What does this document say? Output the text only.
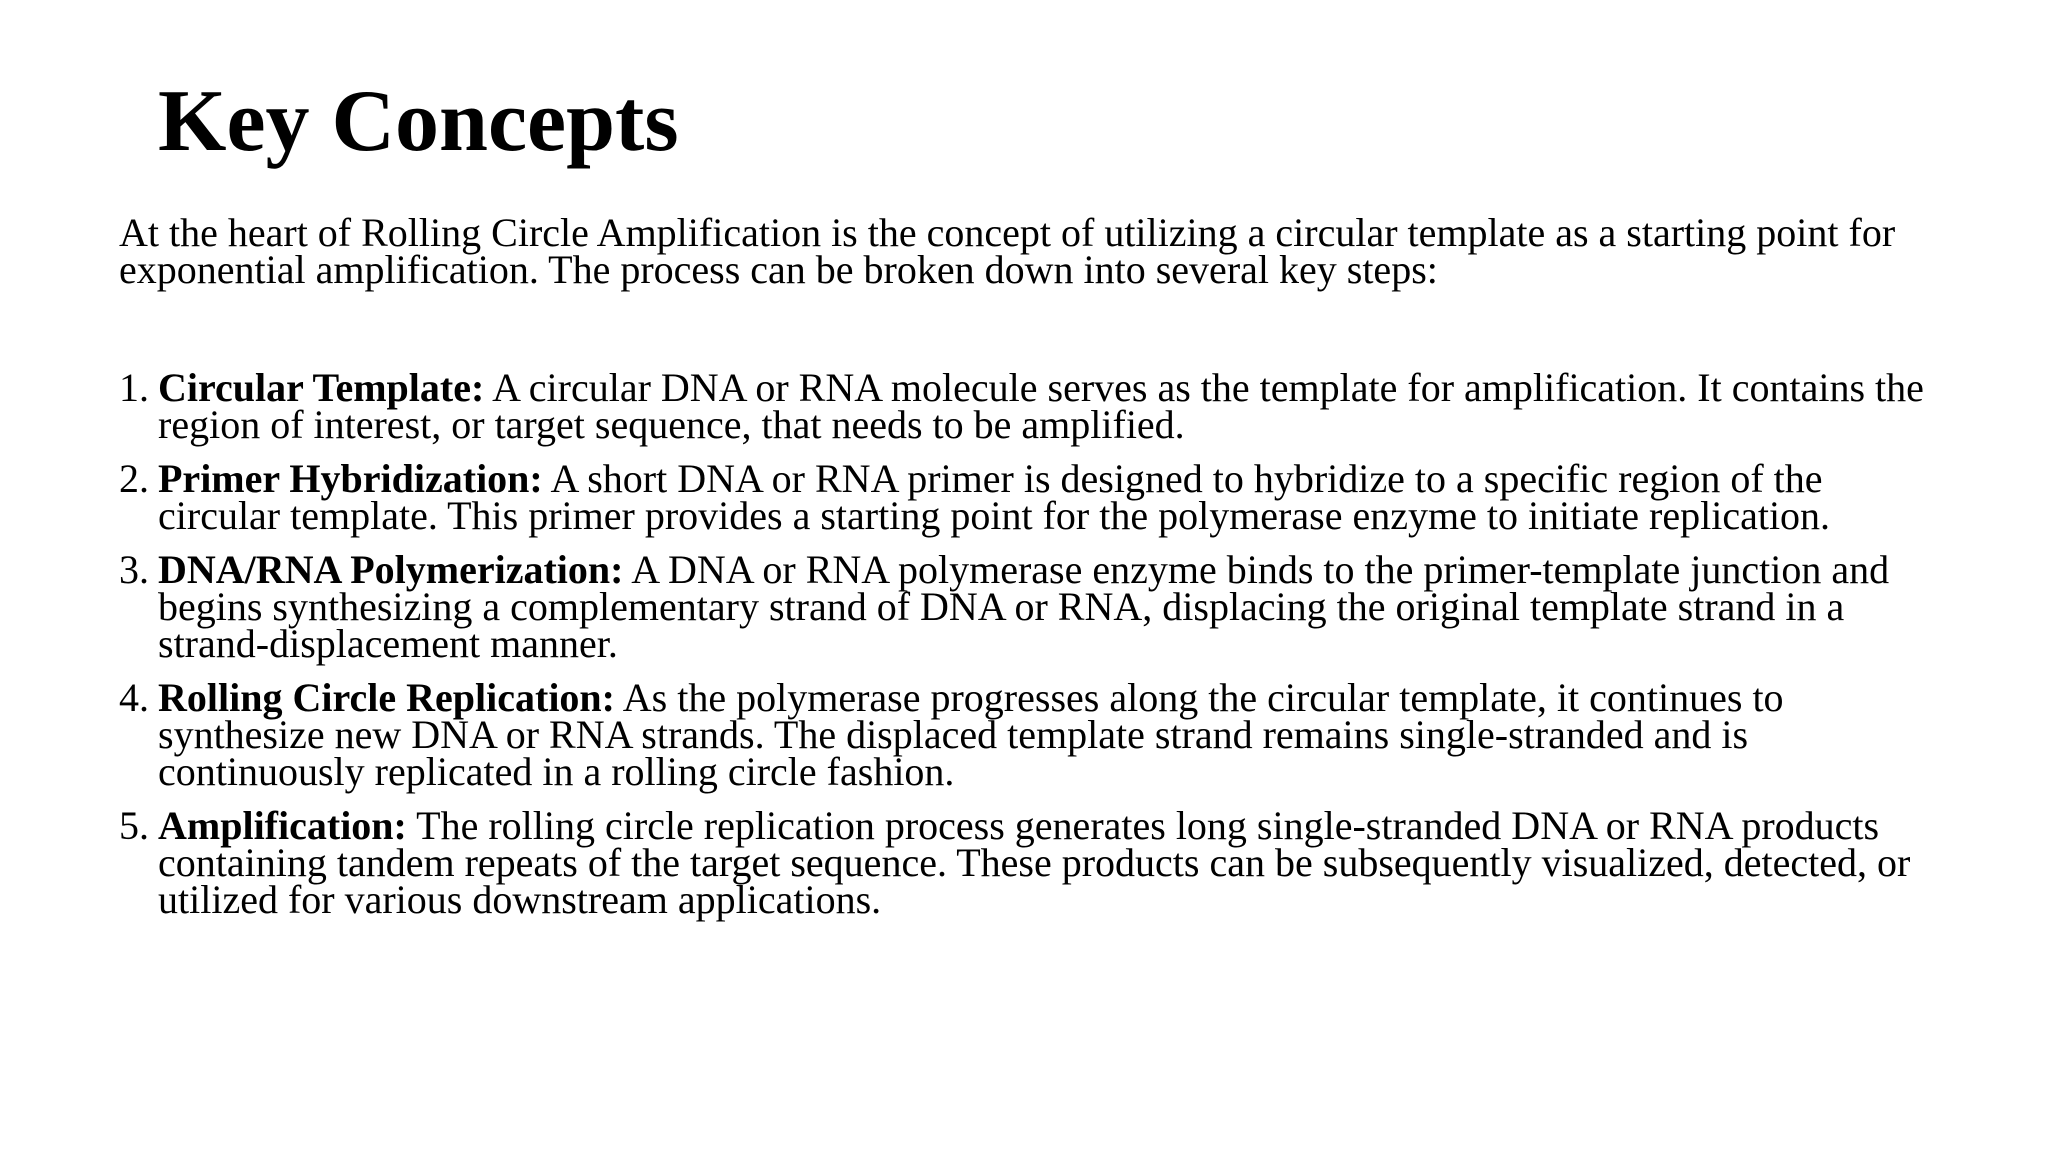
Key Concepts

At the heart of Rolling Circle Amplification is the concept of utilizing a circular template as a starting point for exponential amplification. The process can be broken down into several key steps:

1. Circular Template: A circular DNA or RNA molecule serves as the template for amplification. It contains the region of interest, or target sequence, that needs to be amplified.
2. Primer Hybridization: A short DNA or RNA primer is designed to hybridize to a specific region of the circular template. This primer provides a starting point for the polymerase enzyme to initiate replication.
3. DNA/RNA Polymerization: A DNA or RNA polymerase enzyme binds to the primer-template junction and begins synthesizing a complementary strand of DNA or RNA, displacing the original template strand in a strand-displacement manner.
4. Rolling Circle Replication: As the polymerase progresses along the circular template, it continues to synthesize new DNA or RNA strands. The displaced template strand remains single-stranded and is continuously replicated in a rolling circle fashion.
5. Amplification: The rolling circle replication process generates long single-stranded DNA or RNA products containing tandem repeats of the target sequence. These products can be subsequently visualized, detected, or utilized for various downstream applications.
